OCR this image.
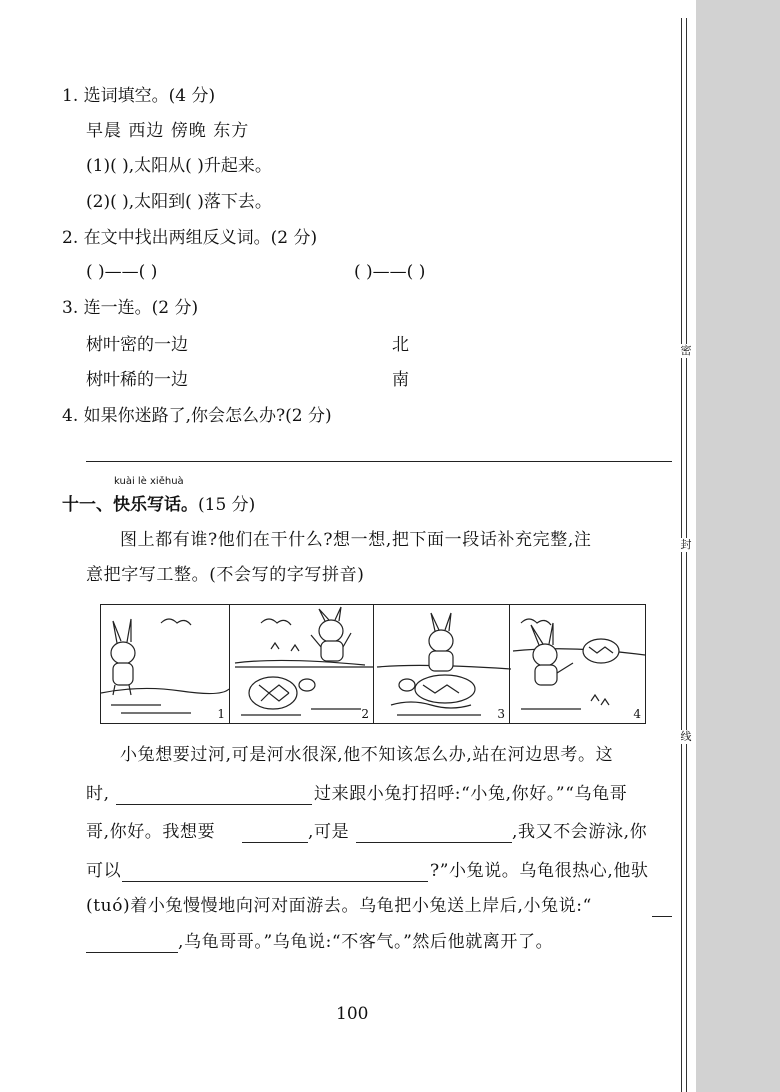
密
封
线
1. 选词填空。(4 分)
早晨 西边 傍晚 东方
(1)( ),太阳从( )升起来。
(2)( ),太阳到( )落下去。
2. 在文中找出两组反义词。(2 分)
( )——( )	( )——( )
3. 连一连。(2 分)
树叶密的一边	北
树叶稀的一边	南
4. 如果你迷路了,你会怎么办?(2 分)
kuài lè xiěhuà
十一、快乐写话。(15 分)
图上都有谁?他们在干什么?想一想,把下面一段话补充完整,注
意把字写工整。(不会写的字写拼音)
1	2	3	4
小兔想要过河,可是河水很深,他不知该怎么办,站在河边思考。这
时,	过来跟小兔打招呼:“小兔,你好。”“乌龟哥
哥,你好。我想要	,可是	,我又不会游泳,你
可以	?”小兔说。乌龟很热心,他驮
(tuó)着小兔慢慢地向河对面游去。乌龟把小兔送上岸后,小兔说:“
,乌龟哥哥。”乌龟说:“不客气。”然后他就离开了。
100
